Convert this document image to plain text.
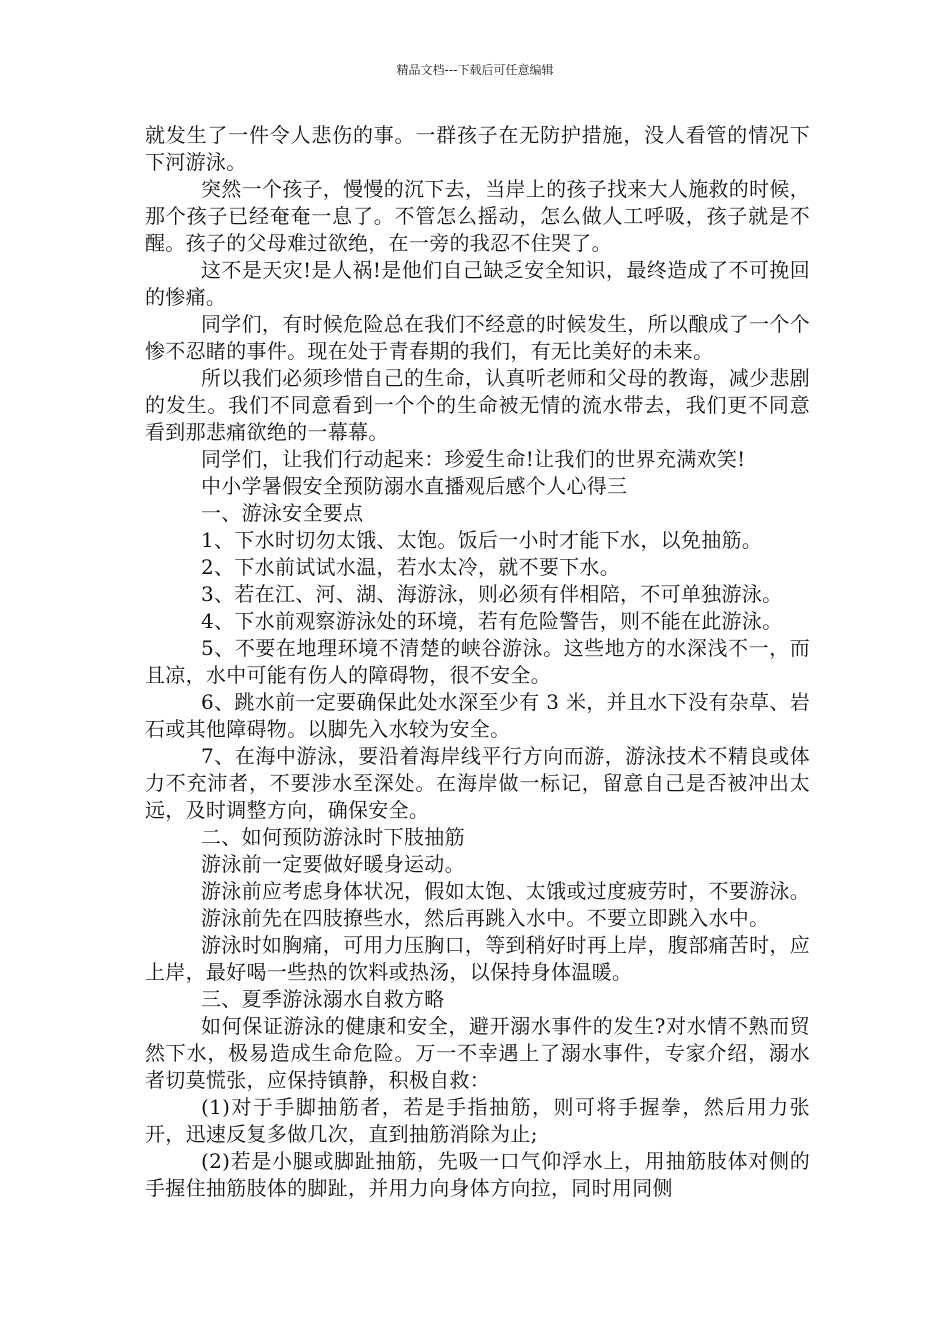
精品文档---下载后可任意编辑

就发生了一件令人悲伤的事。一群孩子在无防护措施，没人看管的情况下下河游泳。

突然一个孩子，慢慢的沉下去，当岸上的孩子找来大人施救的时候，那个孩子已经奄奄一息了。不管怎么摇动，怎么做人工呼吸，孩子就是不醒。孩子的父母难过欲绝，在一旁的我忍不住哭了。

这不是天灾!是人祸!是他们自己缺乏安全知识，最终造成了不可挽回的惨痛。

同学们，有时候危险总在我们不经意的时候发生，所以酿成了一个个惨不忍睹的事件。现在处于青春期的我们，有无比美好的未来。

所以我们必须珍惜自己的生命，认真听老师和父母的教诲，减少悲剧的发生。我们不同意看到一个个的生命被无情的流水带去，我们更不同意看到那悲痛欲绝的一幕幕。

同学们，让我们行动起来：珍爱生命!让我们的世界充满欢笑!

中小学暑假安全预防溺水直播观后感个人心得三

一、游泳安全要点

1、下水时切勿太饿、太饱。饭后一小时才能下水，以免抽筋。

2、下水前试试水温，若水太冷，就不要下水。

3、若在江、河、湖、海游泳，则必须有伴相陪，不可单独游泳。

4、下水前观察游泳处的环境，若有危险警告，则不能在此游泳。

5、不要在地理环境不清楚的峡谷游泳。这些地方的水深浅不一，而且凉，水中可能有伤人的障碍物，很不安全。

6、跳水前一定要确保此处水深至少有 3 米，并且水下没有杂草、岩石或其他障碍物。以脚先入水较为安全。

7、在海中游泳，要沿着海岸线平行方向而游，游泳技术不精良或体力不充沛者，不要涉水至深处。在海岸做一标记，留意自己是否被冲出太远，及时调整方向，确保安全。

二、如何预防游泳时下肢抽筋

游泳前一定要做好暖身运动。

游泳前应考虑身体状况，假如太饱、太饿或过度疲劳时，不要游泳。

游泳前先在四肢撩些水，然后再跳入水中。不要立即跳入水中。

游泳时如胸痛，可用力压胸口，等到稍好时再上岸，腹部痛苦时，应上岸，最好喝一些热的饮料或热汤，以保持身体温暖。

三、夏季游泳溺水自救方略

如何保证游泳的健康和安全，避开溺水事件的发生?对水情不熟而贸然下水，极易造成生命危险。万一不幸遇上了溺水事件，专家介绍，溺水者切莫慌张，应保持镇静，积极自救：

(1)对于手脚抽筋者，若是手指抽筋，则可将手握拳，然后用力张开，迅速反复多做几次，直到抽筋消除为止;

(2)若是小腿或脚趾抽筋，先吸一口气仰浮水上，用抽筋肢体对侧的手握住抽筋肢体的脚趾，并用力向身体方向拉，同时用同侧
